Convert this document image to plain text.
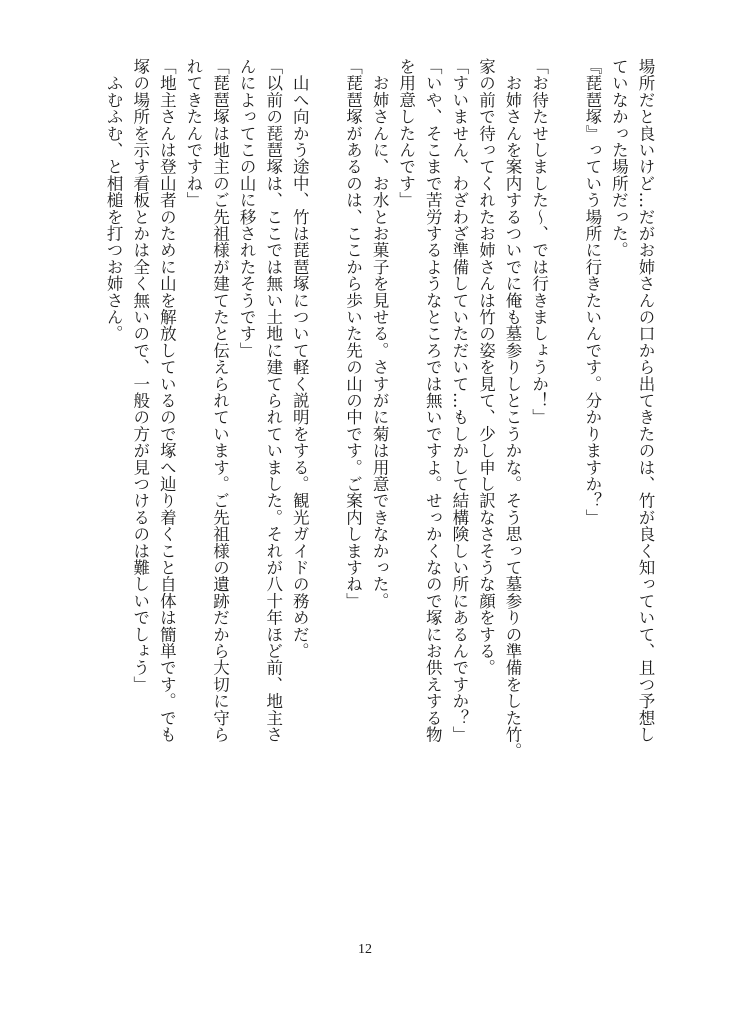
場所だと良いけど…だがお姉さんの口から出てきたのは、竹が良く知っていて、且つ予想し
ていなかった場所だった。
『琵琶塚』っていう場所に行きたいんです。分かりますか？」
「お待たせしました〜、では行きましょうか！」
　お姉さんを案内するついでに俺も墓参りしとこうかな。そう思って墓参りの準備をした竹。
家の前で待ってくれたお姉さんは竹の姿を見て、少し申し訳なさそうな顔をする。
「すいません、わざわざ準備していただいて…もしかして結構険しい所にあるんですか？」
「いや、そこまで苦労するようなところでは無いですよ。せっかくなので塚にお供えする物
を用意したんです」
　お姉さんに、お水とお菓子を見せる。さすがに菊は用意できなかった。
「琵琶塚があるのは、ここから歩いた先の山の中です。ご案内しますね」
　山へ向かう途中、竹は琵琶塚について軽く説明をする。観光ガイドの務めだ。
「以前の琵琶塚は、ここでは無い土地に建てられていました。それが八十年ほど前、地主さ
んによってこの山に移されたそうです」
「琵琶塚は地主のご先祖様が建てたと伝えられています。ご先祖様の遺跡だから大切に守ら
れてきたんですね」
「地主さんは登山者のために山を解放しているので塚へ辿り着くこと自体は簡単です。でも
塚の場所を示す看板とかは全く無いので、一般の方が見つけるのは難しいでしょう」
　ふむふむ、と相槌を打つお姉さん。
12
